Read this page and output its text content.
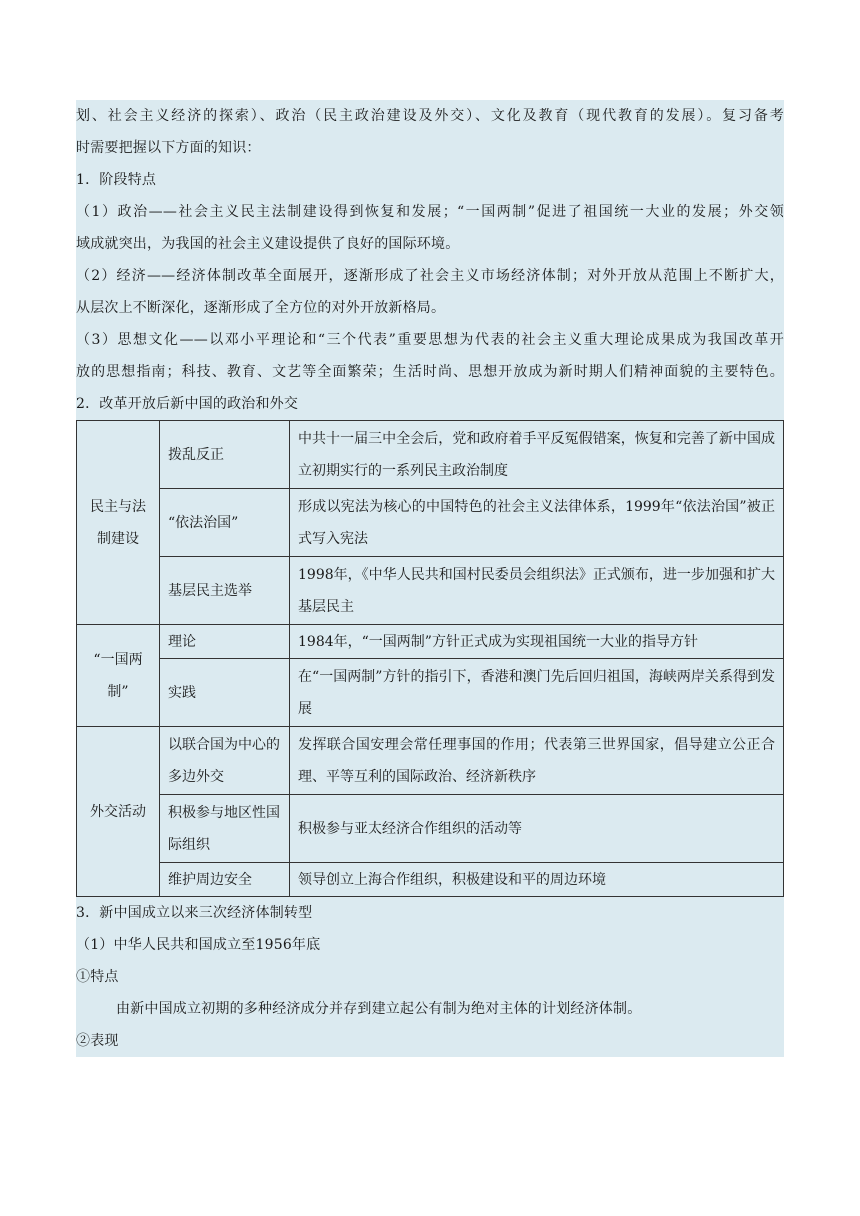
划、社会主义经济的探索）、政治（民主政治建设及外交）、文化及教育（现代教育的发展）。复习备考
时需要把握以下方面的知识：
1．阶段特点
（1）政治——社会主义民主法制建设得到恢复和发展；“一国两制”促进了祖国统一大业的发展；外交领
域成就突出，为我国的社会主义建设提供了良好的国际环境。
（2）经济——经济体制改革全面展开，逐渐形成了社会主义市场经济体制；对外开放从范围上不断扩大，
从层次上不断深化，逐渐形成了全方位的对外开放新格局。
（3）思想文化——以邓小平理论和“三个代表”重要思想为代表的社会主义重大理论成果成为我国改革开
放的思想指南；科技、教育、文艺等全面繁荣；生活时尚、思想开放成为新时期人们精神面貌的主要特色。
2．改革开放后新中国的政治和外交
民主与法制建设	拨乱反正	中共十一届三中全会后，党和政府着手平反冤假错案，恢复和完善了新中国成立初期实行的一系列民主政治制度
	“依法治国”	形成以宪法为核心的中国特色的社会主义法律体系，1999年“依法治国”被正式写入宪法
	基层民主选举	1998年，《中华人民共和国村民委员会组织法》正式颁布，进一步加强和扩大基层民主
“一国两制”	理论	1984年，“一国两制”方针正式成为实现祖国统一大业的指导方针
	实践	在“一国两制”方针的指引下，香港和澳门先后回归祖国，海峡两岸关系得到发展
外交活动	以联合国为中心的多边外交	发挥联合国安理会常任理事国的作用；代表第三世界国家，倡导建立公正合理、平等互利的国际政治、经济新秩序
	积极参与地区性国际组织	积极参与亚太经济合作组织的活动等
	维护周边安全	领导创立上海合作组织，积极建设和平的周边环境
3．新中国成立以来三次经济体制转型
（1）中华人民共和国成立至1956年底
①特点
由新中国成立初期的多种经济成分并存到建立起公有制为绝对主体的计划经济体制。
②表现
